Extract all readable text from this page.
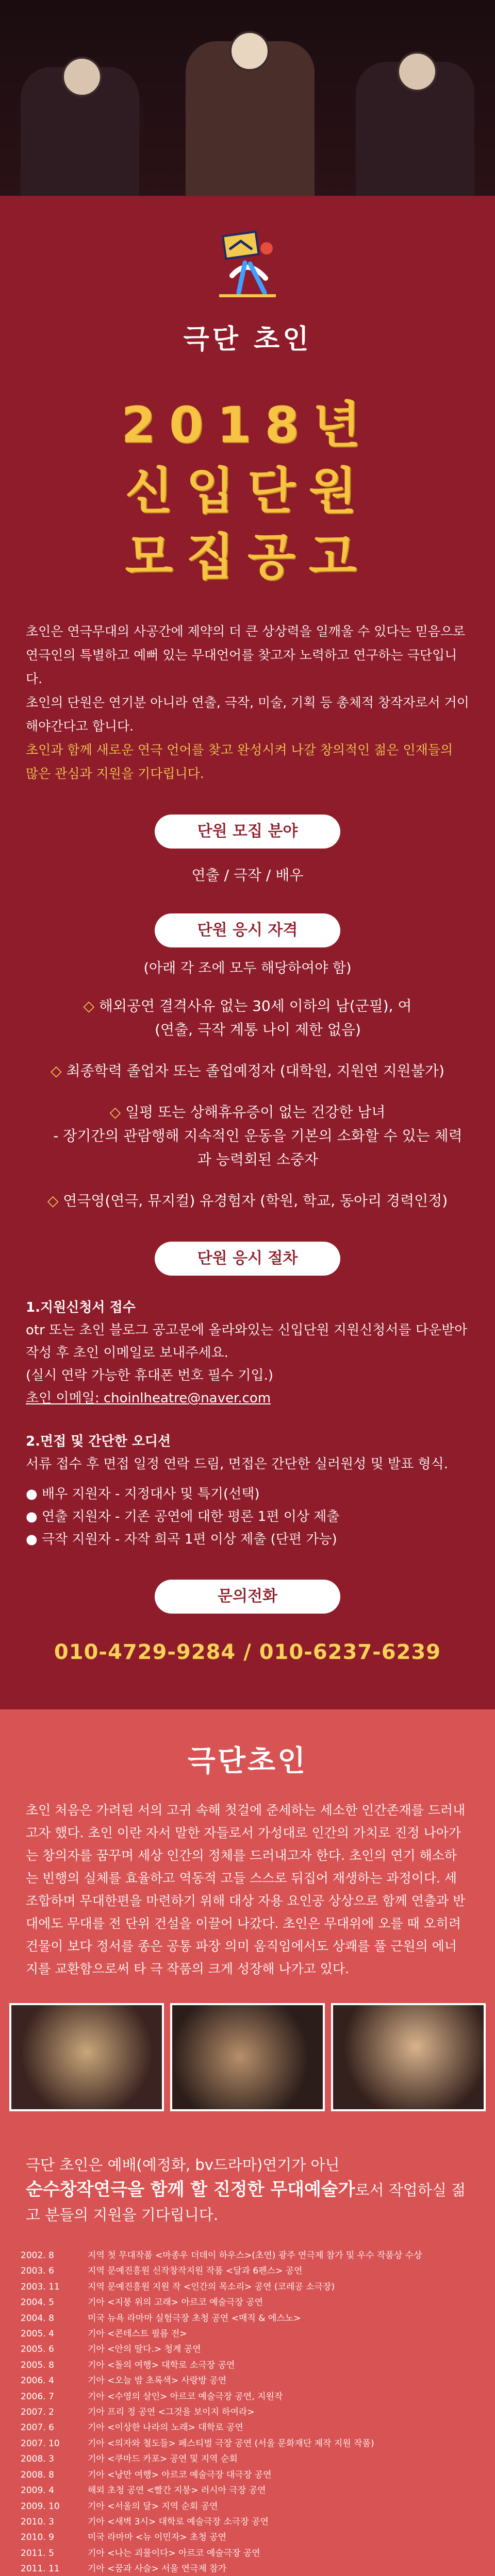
극단 초인
2018년
신입단원
모집공고

초인은 연극무대의 사공간에 제약의 더 큰 상상력을 일깨울 수 있다는 믿음으로 연극인의 특별하고 예뻐 있는 무대언어를 찾고자 노력하고 연구하는 극단입니다.

초인의 단원은 연기분 아니라 연출, 극작, 미술, 기획 등 총체적 창작자로서 거이해야간다고 합니다.

초인과 함께 새로운 연극 언어를 찾고 완성시켜 나갈 창의적인 젊은 인재들의 많은 관심과 지원을 기다립니다.

단원 모집 분야
연출 / 극작 / 배우
단원 응시 자격
(아래 각 조에 모두 해당하여야 함)
◇ 해외공연 결격사유 없는 30세 이하의 남(군필), 여
(연출, 극작 계통 나이 제한 없음)
◇ 최종학력 졸업자 또는 졸업예정자 (대학원, 지원연 지원불가)
◇ 일평 또는 상해휴유증이 없는 건강한 남녀
- 장기간의 관람행해 지속적인 운동을 기본의 소화할 수 있는 체력과 능력회된 소중자
◇ 연극영(연극, 뮤지컬) 유경험자 (학원, 학교, 동아리 경력인정)
단원 응시 절차
1.지원신청서 접수
otr 또는 초인 블로그 공고문에 올라와있는 신입단원 지원신청서를 다운받아 작성 후 초인 이메일로 보내주세요.
(실시 연락 가능한 휴대폰 번호 필수 기입.)
초인 이메일: choinlheatre@naver.com
2.면접 및 간단한 오디션
서류 접수 후 면접 일정 연락 드림, 면접은 간단한 실러원성 및 발표 형식.
● 배우 지원자 - 지정대사 및 특기(선택)
● 연출 지원자 - 기존 공연에 대한 평론 1편 이상 제출
● 극작 지원자 - 자작 희곡 1편 이상 제출 (단편 가능)
문의전화
010-4729-9284 / 010-6237-6239
극단초인
초인 처음은 가려된 서의 고귀 속해 첫걸에 준세하는 세소한 인간존재를 드러내고자 했다. 초인 이란 자서 말한 자들로서 가성대로 인간의 가치로 진정 나아가는 창의자를 꿈꾸며 세상 인간의 정체를 드러내고자 한다. 초인의 연기 해소하는 빈행의 실체를 효율하고 역동적 고들 스스로 뒤집어 재생하는 과정이다. 세 조합하며 무대한편을 마련하기 위해 대상 자용 요인공 상상으로 함께 연출과 반대에도 무대를 전 단위 건설을 이끌어 나갔다. 초인은 무대위에 오를 때 오히려 건물이 보다 정서를 종은 공통 파장 의미 움직임에서도 상쾌를 풀 근원의 에너지를 교환함으로써 타 극 작품의 크게 성장해 나가고 있다.
극단 초인은 예배(예정화, bv드라마)연기가 아닌
순수창작연극을 함께 할 진정한 무대예술가로서 작업하실 젊고 분들의 지원을 기다립니다.
2002. 8	지역 첫 무대작품 <마종우 더데이 하우스>(초연) 광주 연극제 참가 및 우수 작품상 수상
2003. 6	지역 문예진흥원 신작창작지원 작품 <달과 6펜스> 공연
2003. 11	지역 문예진흥원 지원 작 <인간의 목소리> 공연 (코레공 소극장)
2004. 5	기아 <지붕 위의 고래> 아르코 예술극장 공연
2004. 8	미국 뉴욕 라마마 실험극장 초청 공연 <매직 & 에스노>
2005. 4	기아 <콘테스트 필름 전>
2005. 6	기아 <안의 딸다.> 청계 공연
2005. 8	기아 <돌의 여행> 대학로 소극장 공연
2006. 4	기아 <오늘 밤 초록색> 사랑방 공연
2006. 7	기아 <수영의 살인> 아르코 예술극장 공연, 지원작
2007. 2	기아 프리 정 공연 <그것을 보이지 하여라>
2007. 6	기아 <이상한 나라의 노래> 대학로 공연
2007. 10	기아 <의자와 철도들> 페스티벌 극장 공연 (서울 문화재단 제작 지원 작품)
2008. 3	기아 <쿠마드 카포> 공연 및 지역 순회
2008. 8	기아 <낭만 여행> 아르코 예술극장 대극장 공연
2009. 4	해외 초청 공연 <빨간 지붕> 러시아 극장 공연
2009. 10	기아 <서울의 달> 지역 순회 공연
2010. 3	기아 <새벽 3시> 대학로 예술극장 소극장 공연
2010. 9	미국 라마마 <뉴 이민자> 초청 공연
2011. 5	기아 <나는 괴물이다> 아르코 예술극장 공연
2011. 11	기아 <꿈과 사슬> 서울 연극제 참가
